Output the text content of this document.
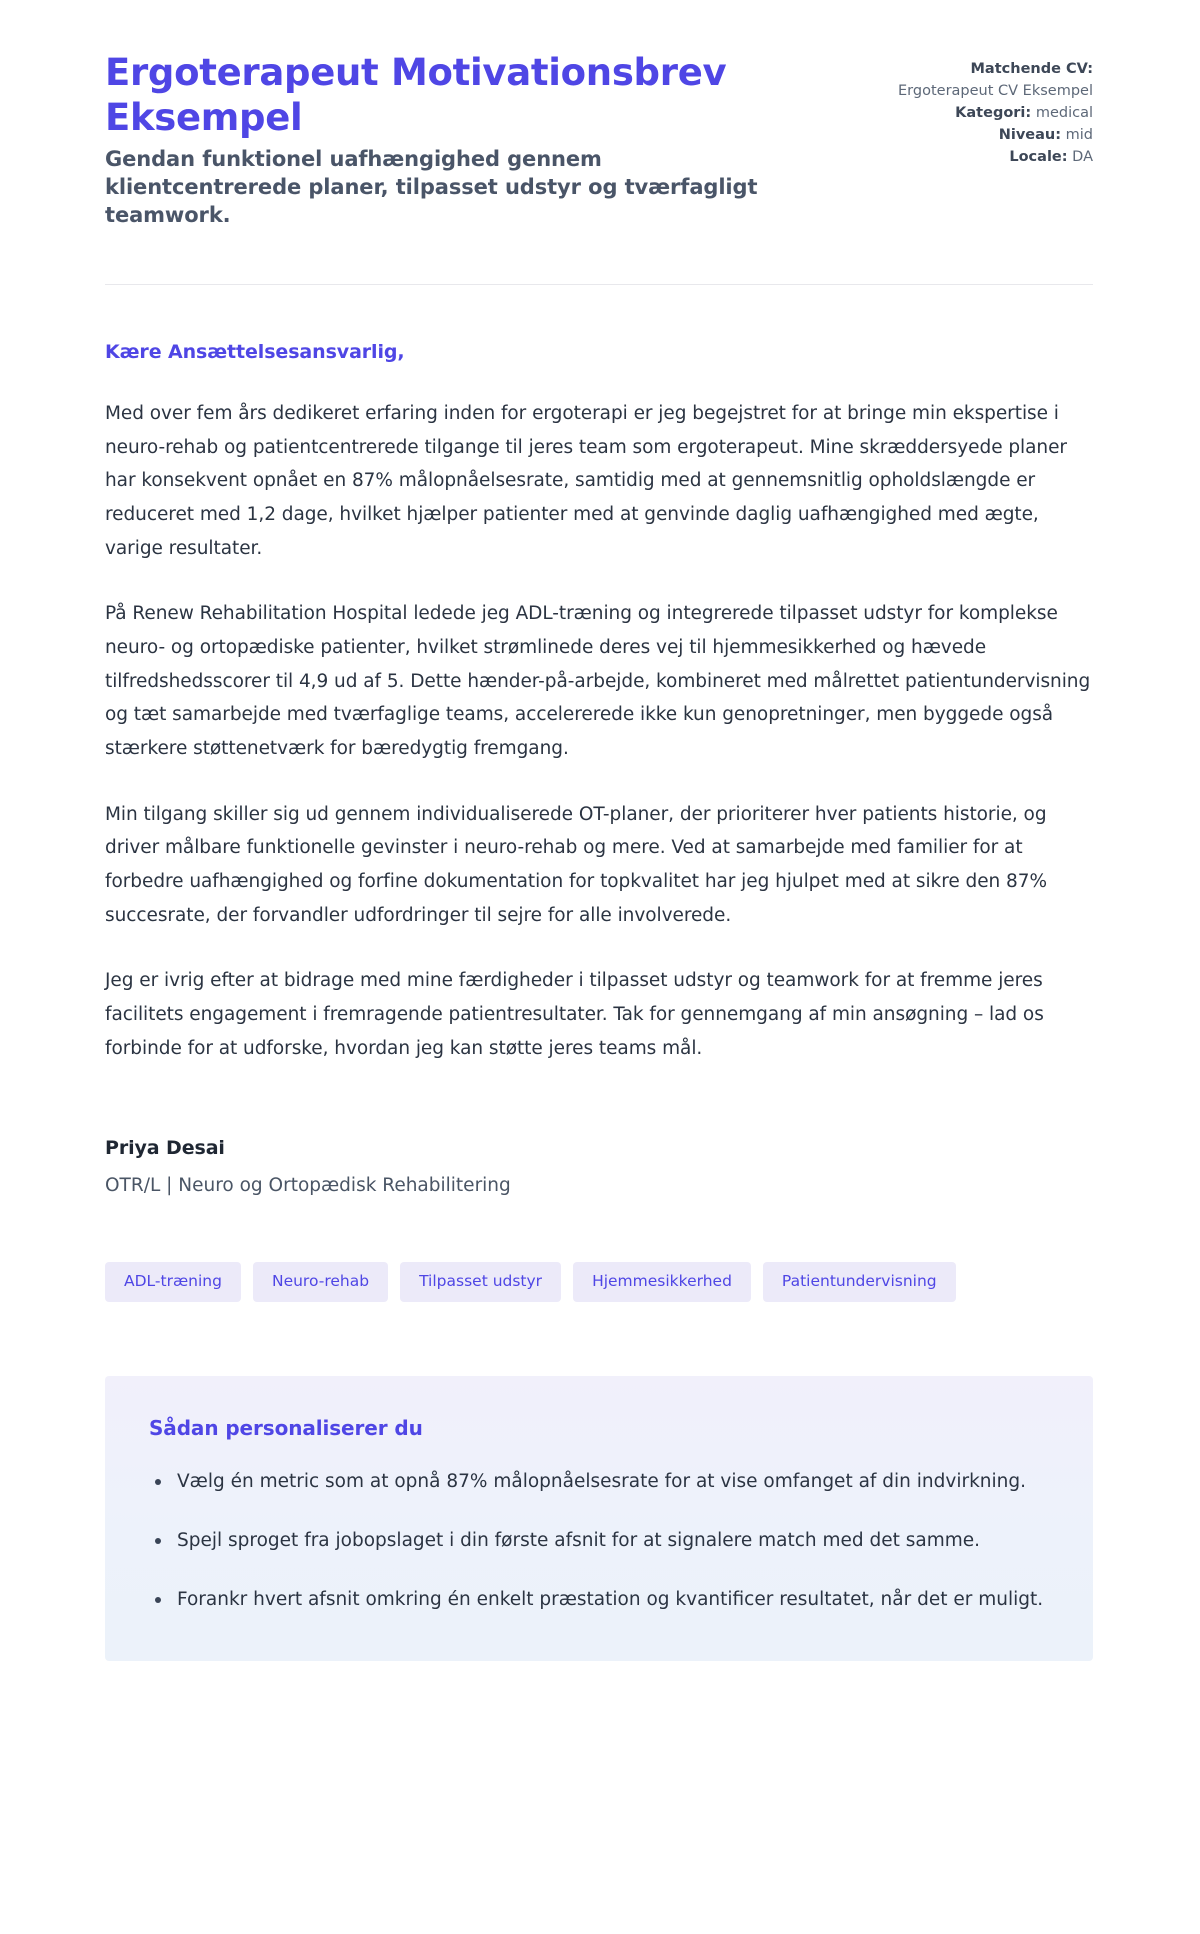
Ergoterapeut Motivationsbrev Eksempel

Gendan funktionel uafhængighed gennem klientcentrerede planer, tilpasset udstyr og tværfagligt teamwork.

Matchende CV:
Ergoterapeut CV Eksempel
Kategori: medical
Niveau: mid
Locale: DA

Kære Ansættelsesansvarlig,

Med over fem års dedikeret erfaring inden for ergoterapi er jeg begejstret for at bringe min ekspertise i neuro-rehab og patientcentrerede tilgange til jeres team som ergoterapeut. Mine skræddersyede planer har konsekvent opnået en 87% målopnåelsesrate, samtidig med at gennemsnitlig opholdslængde er reduceret med 1,2 dage, hvilket hjælper patienter med at genvinde daglig uafhængighed med ægte, varige resultater.

På Renew Rehabilitation Hospital ledede jeg ADL-træning og integrerede tilpasset udstyr for komplekse neuro- og ortopædiske patienter, hvilket strømlinede deres vej til hjemmesikkerhed og hævede tilfredshedsscorer til 4,9 ud af 5. Dette hænder-på-arbejde, kombineret med målrettet patientundervisning og tæt samarbejde med tværfaglige teams, accelererede ikke kun genopretninger, men byggede også stærkere støttenetværk for bæredygtig fremgang.

Min tilgang skiller sig ud gennem individualiserede OT-planer, der prioriterer hver patients historie, og driver målbare funktionelle gevinster i neuro-rehab og mere. Ved at samarbejde med familier for at forbedre uafhængighed og forfine dokumentation for topkvalitet har jeg hjulpet med at sikre den 87% succesrate, der forvandler udfordringer til sejre for alle involverede.

Jeg er ivrig efter at bidrage med mine færdigheder i tilpasset udstyr og teamwork for at fremme jeres facilitets engagement i fremragende patientresultater. Tak for gennemgang af min ansøgning – lad os forbinde for at udforske, hvordan jeg kan støtte jeres teams mål.

Priya Desai

OTR/L | Neuro og Ortopædisk Rehabilitering

ADL-træning	Neuro-rehab	Tilpasset udstyr	Hjemmesikkerhed	Patientundervisning
Sådan personaliserer du
Vælg én metric som at opnå 87% målopnåelsesrate for at vise omfanget af din indvirkning.
Spejl sproget fra jobopslaget i din første afsnit for at signalere match med det samme.
Forankr hvert afsnit omkring én enkelt præstation og kvantificer resultatet, når det er muligt.
